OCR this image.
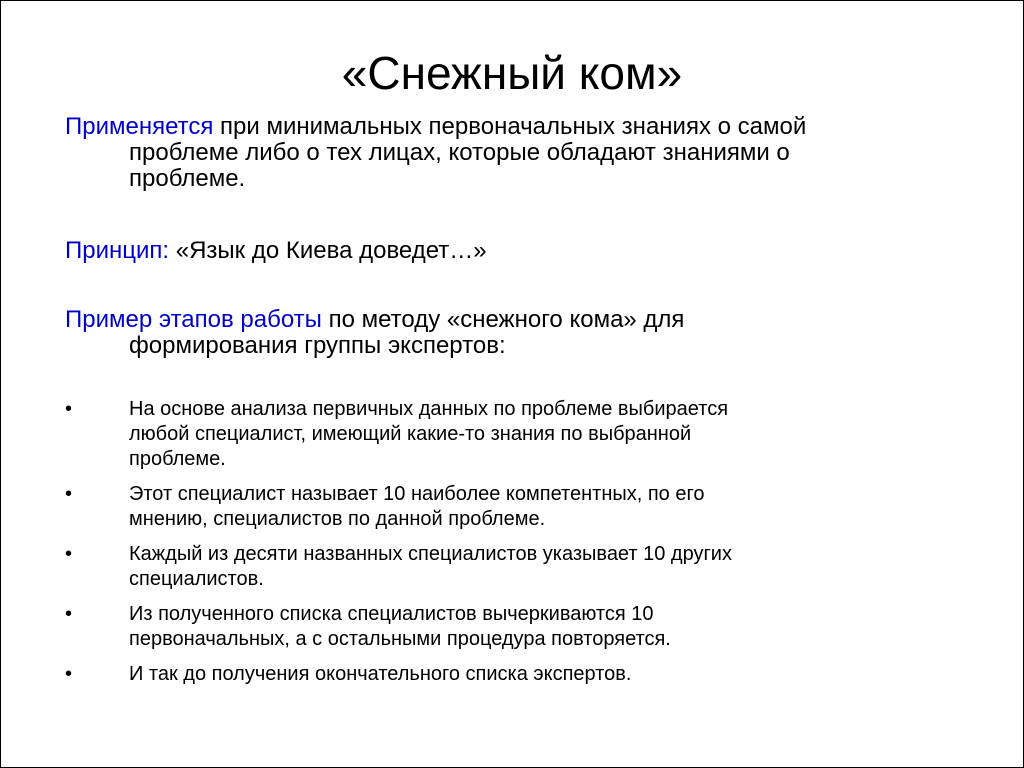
«Снежный ком»
Применяется при минимальных первоначальных знаниях о самой
проблеме либо о тех лицах, которые обладают знаниями о
проблеме.
Принцип: «Язык до Киева доведет…»
Пример этапов работы по методу «снежного кома» для
формирования группы экспертов:
•	На основе анализа первичных данных по проблеме выбирается
любой специалист, имеющий какие-то знания по выбранной
проблеме.
•	Этот специалист называет 10 наиболее компетентных, по его
мнению, специалистов по данной проблеме.
•	Каждый из десяти названных специалистов указывает 10 других
специалистов.
•	Из полученного списка специалистов вычеркиваются 10
первоначальных, а с остальными процедура повторяется.
•	И так до получения окончательного списка экспертов.
